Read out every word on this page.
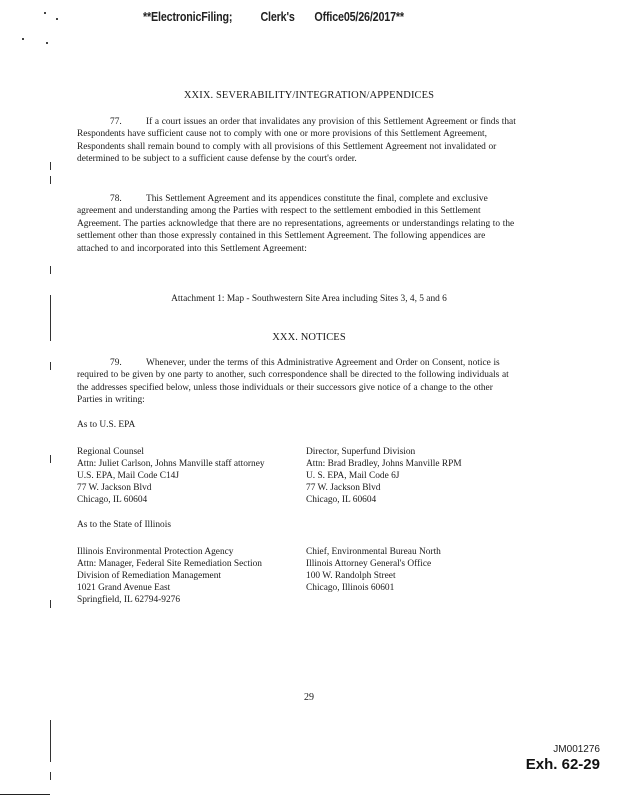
**ElectronicFiling;          Clerk's       Office05/26/2017**
XXIX. SEVERABILITY/INTEGRATION/APPENDICES
77.	If a court issues an order that invalidates any provision of this Settlement Agreement or finds that Respondents have sufficient cause not to comply with one or more provisions of this Settlement Agreement, Respondents shall remain bound to comply with all provisions of this Settlement Agreement not invalidated or determined to be subject to a sufficient cause defense by the court's order.
78.	This Settlement Agreement and its appendices constitute the final, complete and exclusive agreement and understanding among the Parties with respect to the settlement embodied in this Settlement Agreement. The parties acknowledge that there are no representations, agreements or understandings relating to the settlement other than those expressly contained in this Settlement Agreement. The following appendices are attached to and incorporated into this Settlement Agreement:
Attachment 1: Map - Southwestern Site Area including Sites 3, 4, 5 and 6
XXX. NOTICES
79.	Whenever, under the terms of this Administrative Agreement and Order on Consent, notice is required to be given by one party to another, such correspondence shall be directed to the following individuals at the addresses specified below, unless those individuals or their successors give notice of a change to the other Parties in writing:
As to U.S. EPA
Regional Counsel
Attn: Juliet Carlson, Johns Manville staff attorney
U.S. EPA, Mail Code C14J
77 W. Jackson Blvd
Chicago, IL 60604
Director, Superfund Division
Attn: Brad Bradley, Johns Manville RPM
U. S. EPA, Mail Code 6J
77 W. Jackson Blvd
Chicago, IL 60604
As to the State of Illinois
Illinois Environmental Protection Agency
Attn: Manager, Federal Site Remediation Section
Division of Remediation Management
1021 Grand Avenue East
Springfield, IL 62794-9276
Chief, Environmental Bureau North
Illinois Attorney General's Office
100 W. Randolph Street
Chicago, Illinois 60601
29
JM001276
Exh. 62-29
